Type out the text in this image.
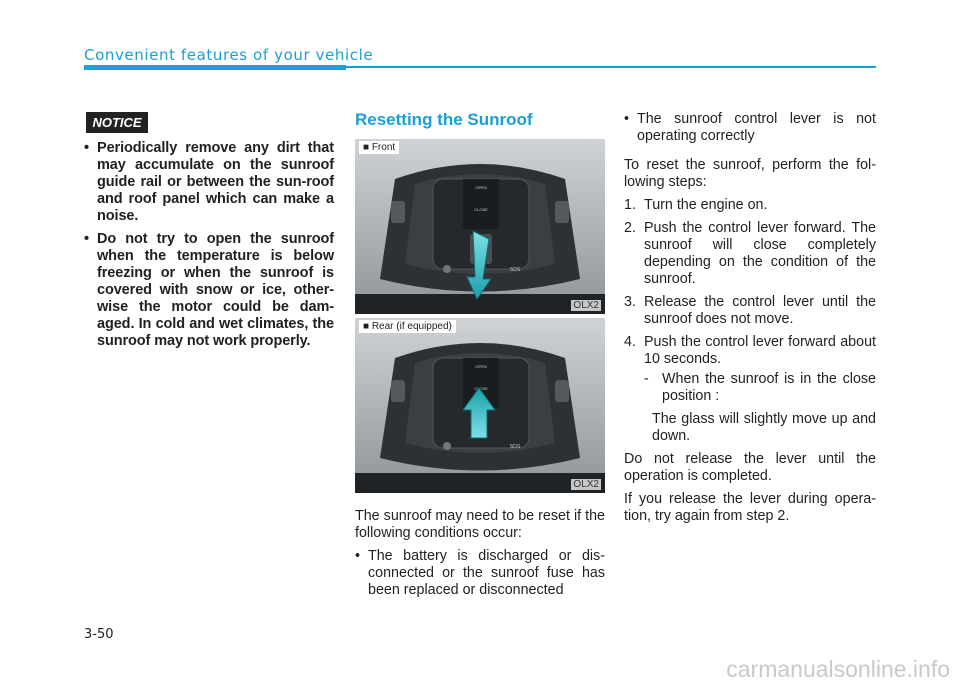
Convenient features of your vehicle
NOTICE
• Periodically remove any dirt that may accumulate on the sunroof guide rail or between the sun-roof and roof panel which can make a noise.
• Do not try to open the sunroof when the temperature is below freezing or when the sunroof is covered with snow or ice, other-wise the motor could be dam-aged. In cold and wet climates, the sunroof may not work properly.
Resetting the Sunroof
OPEN
CLOSE
SOS
■ Front
OLX2
OPEN
CLOSE
SOS
■ Rear (if equipped)
OLX2

The sunroof may need to be reset if the following conditions occur:

• The battery is discharged or dis-connected or the sunroof fuse has been replaced or disconnected
• The sunroof control lever is not operating correctly

To reset the sunroof, perform the fol-lowing steps:

1. Turn the engine on.
2. Push the control lever forward. The sunroof will close completely depending on the condition of the sunroof.
3. Release the control lever until the sunroof does not move.
4. Push the control lever forward about 10 seconds.

- When the sunroof is in the close position :

The glass will slightly move up and down.

Do not release the lever until the operation is completed.

If you release the lever during opera-tion, try again from step 2.

3-50
carmanualsonline.info
